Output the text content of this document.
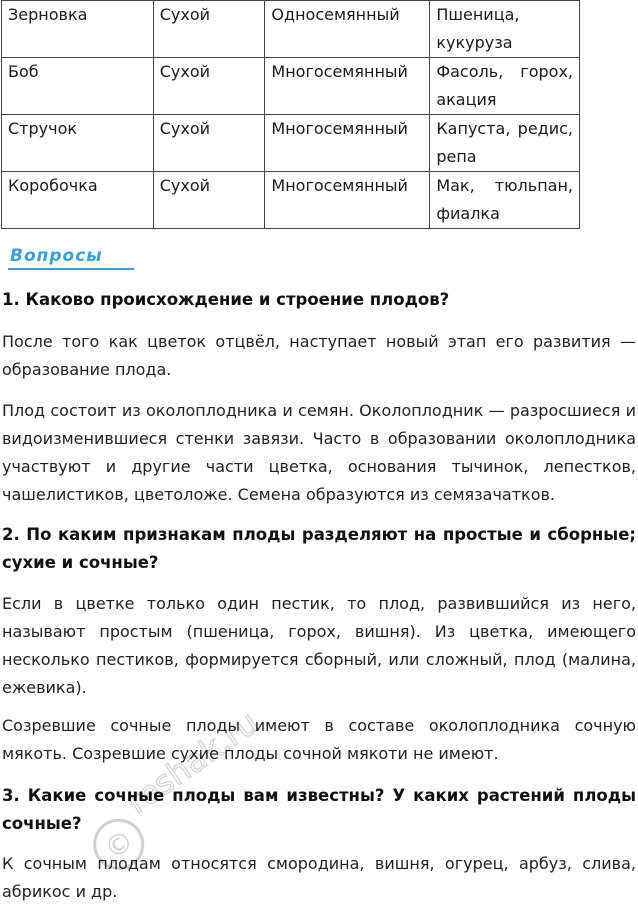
Зерновка	Сухой	Односемянный	Пшеница, кукуруза
Боб	Сухой	Многосемянный	Фасоль, горох, акация
Стручок	Сухой	Многосемянный	Капуста, редис, репа
Коробочка	Сухой	Многосемянный	Мак, тюльпан, фиалка
Вопросы
1. Каково происхождение и строение плодов?
После того как цветок отцвёл, наступает новый этап его развития — образование плода.
Плод состоит из околоплодника и семян. Околоплодник — разросшиеся и видоизменившиеся стенки завязи. Часто в образовании околоплодника участвуют и другие части цветка, основания тычинок, лепестков, чашелистиков, цветоложе. Семена образуются из семязачатков.
2. По каким признакам плоды разделяют на простые и сборные; сухие и сочные?
Если в цветке только один пестик, то плод, развившийся из него, называют простым (пшеница, горох, вишня). Из цветка, имеющего несколько пестиков, формируется сборный, или сложный, плод (малина, ежевика).
Созревшие сочные плоды имеют в составе околоплодника сочную мякоть. Созревшие сухие плоды сочной мякоти не имеют.
3. Какие сочные плоды вам известны? У каких растений плоды сочные?
К сочным плодам относятся смородина, вишня, огурец, арбуз, слива, абрикос и др.
©
reshak.ru
